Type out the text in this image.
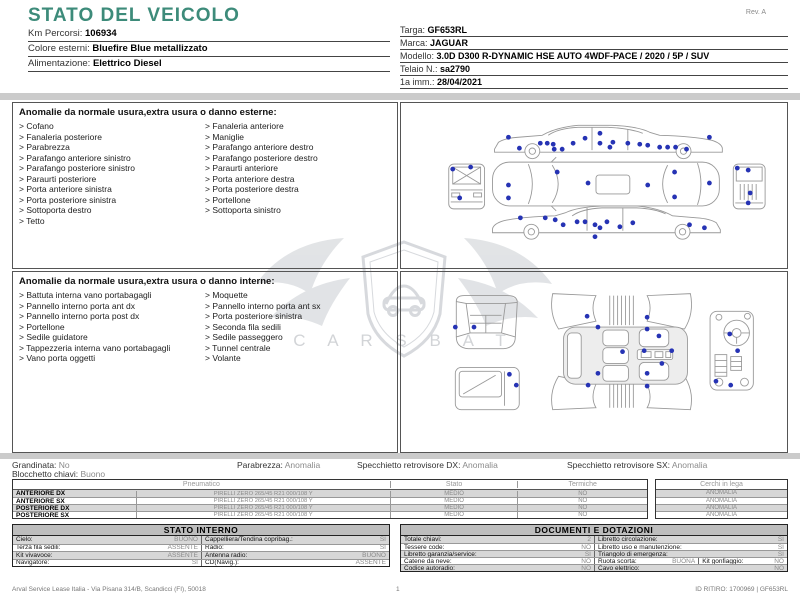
C A R S B A T
STATO DEL VEICOLO	Rev. A
Km Percorsi: 106934
Colore esterni: Bluefire Blue metallizzato
Alimentazione: Elettrico Diesel
Targa: GF653RL
Marca: JAGUAR
Modello: 3.0D D300 R-DYNAMIC HSE AUTO 4WDF-PACE / 2020 / 5P / SUV
Telaio N.: sa2790
1a imm.: 28/04/2021
Anomalie da normale usura,extra usura o danno esterne:
> Cofano
> Fanaleria posteriore
> Parabrezza
> Parafango anteriore sinistro
> Parafango posteriore sinistro
> Paraurti posteriore
> Porta anteriore sinistra
> Porta posteriore sinistra
> Sottoporta destro
> Tetto
> Fanaleria anteriore
> Maniglie
> Parafango anteriore destro
> Parafango posteriore destro
> Paraurti anteriore
> Porta anteriore destra
> Porta posteriore destra
> Portellone
> Sottoporta sinistro
Anomalie da normale usura,extra usura o danno interne:
> Battuta interna vano portabagagli
> Pannello interno porta ant dx
> Pannello interno porta post dx
> Portellone
> Sedile guidatore
> Tappezzeria interna vano portabagagli
> Vano porta oggetti
> Moquette
> Pannello interno porta ant sx
> Porta posteriore sinistra
> Seconda fila sedili
> Sedile passeggero
> Tunnel centrale
> Volante
Grandinata: No	Parabrezza: Anomalia	Specchietto retrovisore DX: Anomalia	Specchietto retrovisore SX: Anomalia
Blocchetto chiavi: Buono
Pneumatico	Stato	Termiche
ANTERIORE DX	PIRELLI ZERO 265/45 R21 000/108 Y	MEDIO	NO
ANTERIORE SX	PIRELLI ZERO 265/45 R21 000/108 Y	MEDIO	NO
POSTERIORE DX	PIRELLI ZERO 265/45 R21 000/108 Y	MEDIO	NO
POSTERIORE SX	PIRELLI ZERO 265/45 R21 000/108 Y	MEDIO	NO
Cerchi in lega
ANOMALIA
ANOMALIA
ANOMALIA
ANOMALIA
STATO INTERNO
Cielo:	BUONO Cappelliera/Tendina copribag.:	SI
Terza fila sedili:	ASSENTE Radio:	SI
Kit vivavoce:	ASSENTE Antenna radio:	BUONO
Navigatore:	SI CD(Navig.):	ASSENTE
DOCUMENTI E DOTAZIONI
Totale chiavi:	2 Libretto circolazione:	SI
Tessere code:	NO Libretto uso e manutenzione:	SI
Libretto garanzia/service:	SI Triangolo di emergenza:	SI
Catene da neve:	NO Ruota scorta:	BUONA Kit gonfiaggio:	NO
Codice autoradio:	NO Cavo elettrico:	NO
Arval Service Lease Italia - Via Pisana 314/B, Scandicci (FI), 50018	1	ID RITIRO: 1700969 | GF653RL
